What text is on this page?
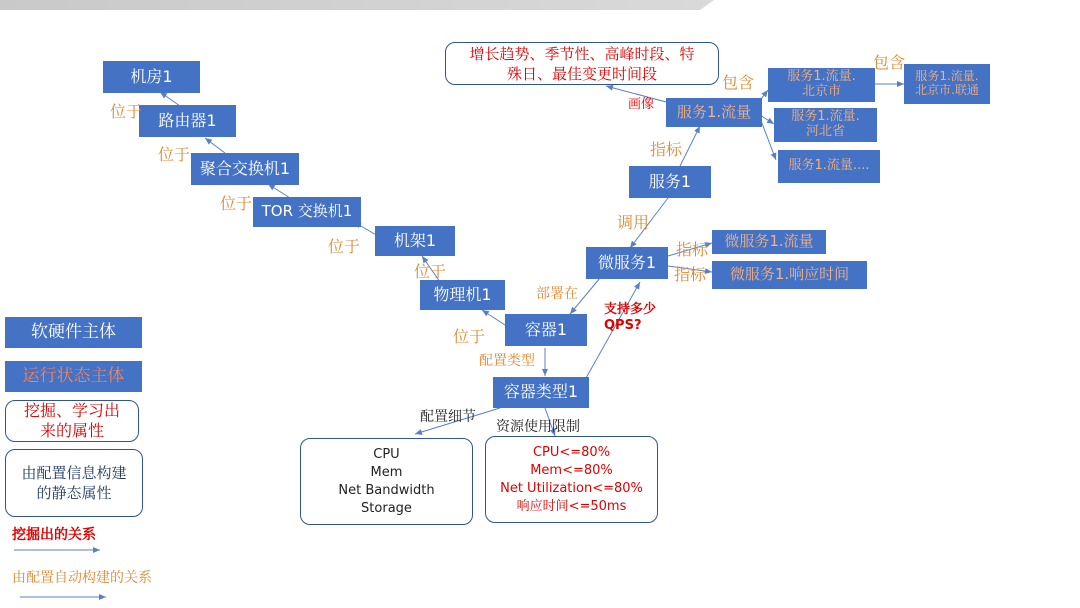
机房1
路由器1
聚合交换机1
TOR 交换机1
机架1
物理机1
容器1
容器类型1
微服务1
服务1
服务1.流量
服务1.流量.
北京市
服务1.流量.
北京市.联通
服务1.流量.
河北省
服务1.流量....
微服务1.流量
微服务1.响应时间
增长趋势、季节性、高峰时段、特
殊日、最佳变更时间段
CPU
Mem
Net Bandwidth
Storage
CPU<=80%
Mem<=80%
Net Utilization<=80%
响应时间<=50ms
位于
位于
位于
位于
位于
位于
部署在
配置类型
配置细节
资源使用限制
调用
指标
指标
指标
画像
包含
包含
支持多少
QPS?
软硬件主体
运行状态主体
挖掘、学习出
来的属性
由配置信息构建
的静态属性
挖掘出的关系
由配置自动构建的关系
